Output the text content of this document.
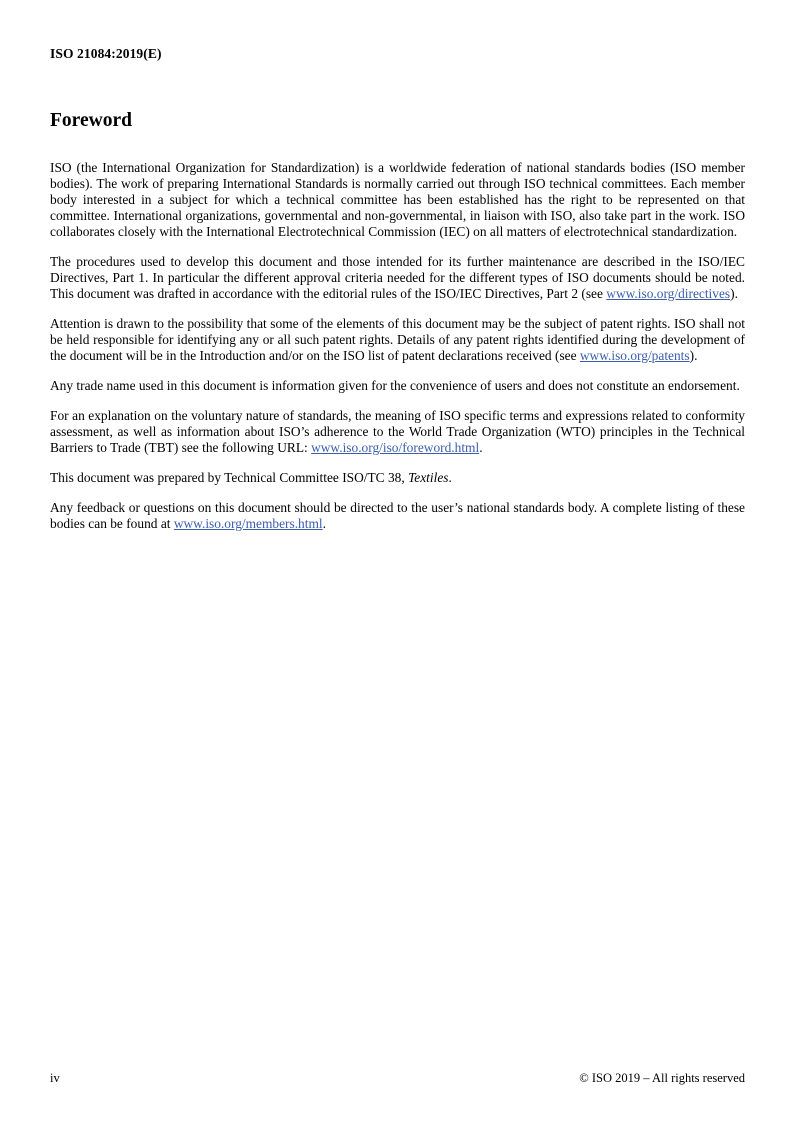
ISO 21084:2019(E)
Foreword

ISO (the International Organization for Standardization) is a worldwide federation of national standards bodies (ISO member bodies). The work of preparing International Standards is normally carried out through ISO technical committees. Each member body interested in a subject for which a technical committee has been established has the right to be represented on that committee. International organizations, governmental and non-governmental, in liaison with ISO, also take part in the work. ISO collaborates closely with the International Electrotechnical Commission (IEC) on all matters of electrotechnical standardization.

The procedures used to develop this document and those intended for its further maintenance are described in the ISO/IEC Directives, Part 1. In particular the different approval criteria needed for the different types of ISO documents should be noted. This document was drafted in accordance with the editorial rules of the ISO/IEC Directives, Part 2 (see www.iso.org/directives).

Attention is drawn to the possibility that some of the elements of this document may be the subject of patent rights. ISO shall not be held responsible for identifying any or all such patent rights. Details of any patent rights identified during the development of the document will be in the Introduction and/or on the ISO list of patent declarations received (see www.iso.org/patents).

Any trade name used in this document is information given for the convenience of users and does not constitute an endorsement.

For an explanation on the voluntary nature of standards, the meaning of ISO specific terms and expressions related to conformity assessment, as well as information about ISO’s adherence to the World Trade Organization (WTO) principles in the Technical Barriers to Trade (TBT) see the following URL: www.iso.org/iso/foreword.html.

This document was prepared by Technical Committee ISO/TC 38, Textiles.

Any feedback or questions on this document should be directed to the user’s national standards body. A complete listing of these bodies can be found at www.iso.org/members.html.

iv	© ISO 2019 – All rights reserved
